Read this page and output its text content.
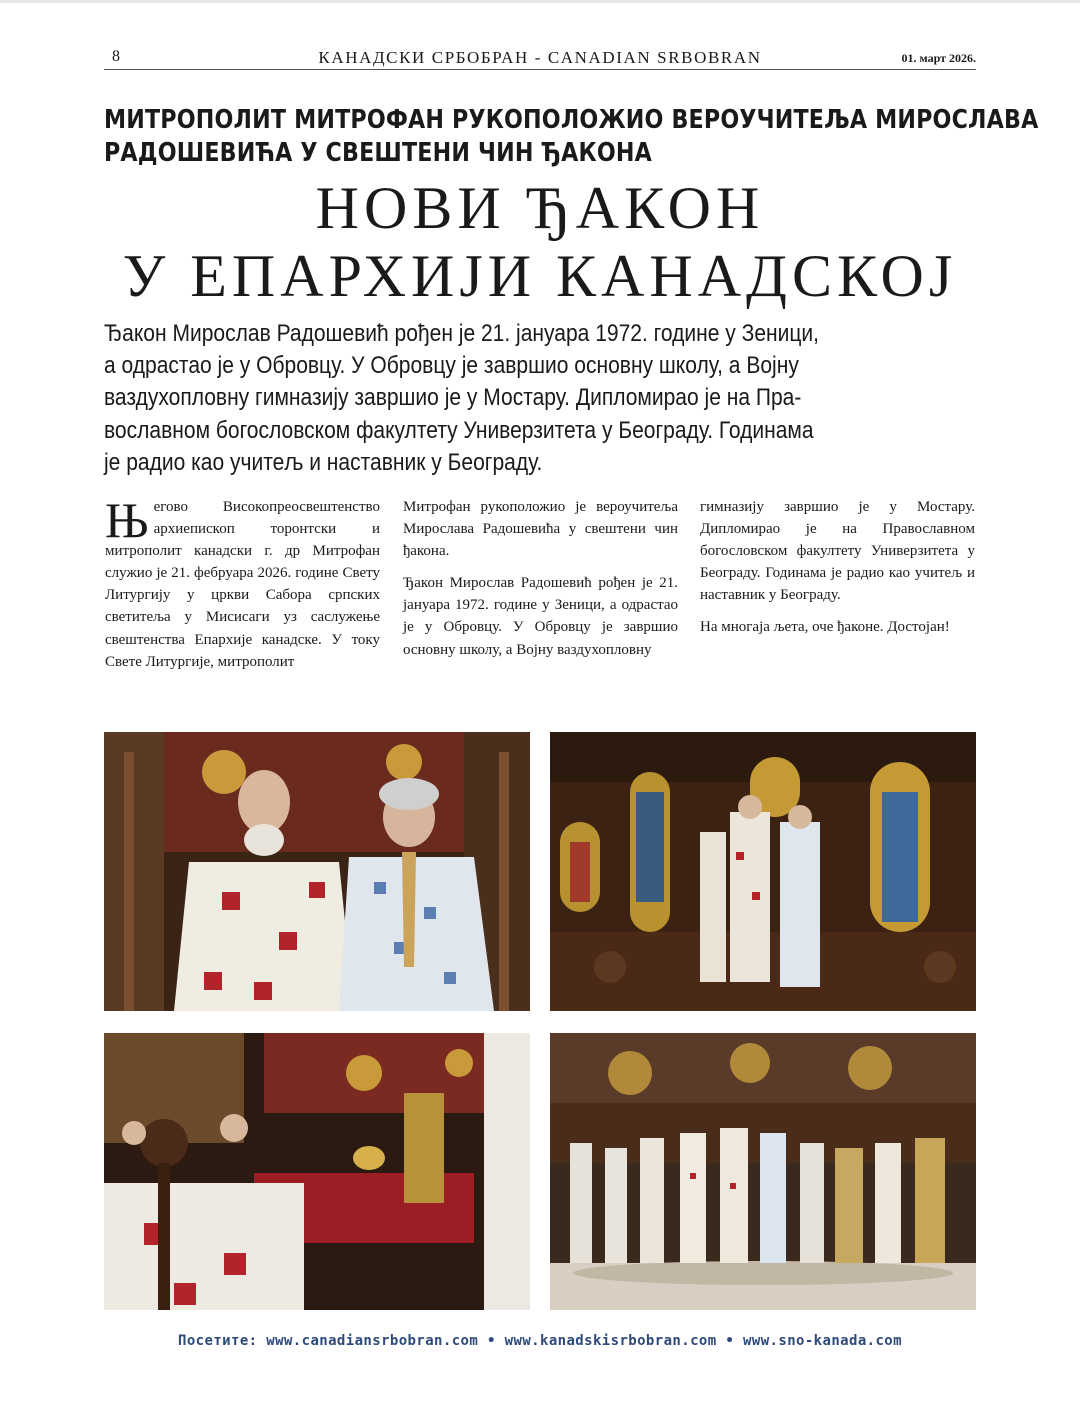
8	КАНАДСКИ СРБОБРАН - CANADIAN SRBOBRAN	01. март 2026.
МИТРОПОЛИТ МИТРОФАН РУКОПОЛОЖИО ВЕРОУЧИТЕЉА МИРОСЛАВА
РАДОШЕВИЋА У СВЕШТЕНИ ЧИН ЂАКОНА
НОВИ ЂАКОН
У ЕПАРХИЈИ КАНАДСКОЈ
Ђакон Мирослав Радошевић рођен је 21. јануара 1972. године у Зеници,
а одрастао је у Обровцу. У Обровцу је завршио основну школу, а Војну
ваздухопловну гимназију завршио је у Мостару. Дипломирао је на Пра-
вославном богословском факултету Универзитета у Београду. Годинама
је радио као учитељ и наставник у Београду.

Његово Високопреосвештенство архиепископ торонтски и митрополит канадски г. др Митрофан служио је 21. фебруара 2026. године Свету Литургију у цркви Сабора српских светитеља у Мисисаги уз саслужење свештенства Епархије канадске. У току Свете Литургије, митрополит

Митрофан рукоположио је вероучитеља Мирослава Радошевића у свештени чин ђакона.

Ђакон Мирослав Радошевић рођен је 21. јануара 1972. године у Зеници, а одрастао је у Обровцу. У Обровцу је завршио основну школу, а Војну ваздухопловну

гимназију завршио је у Мостару. Дипломирао је на Православном богословском факултету Универзитета у Београду. Годинама је радио као учитељ и наставник у Београду.

На многаја љета, оче ђаконе. Достојан!

Посетите: www.canadiansrbobran.com • www.kanadskisrbobran.com • www.sno-kanada.com
